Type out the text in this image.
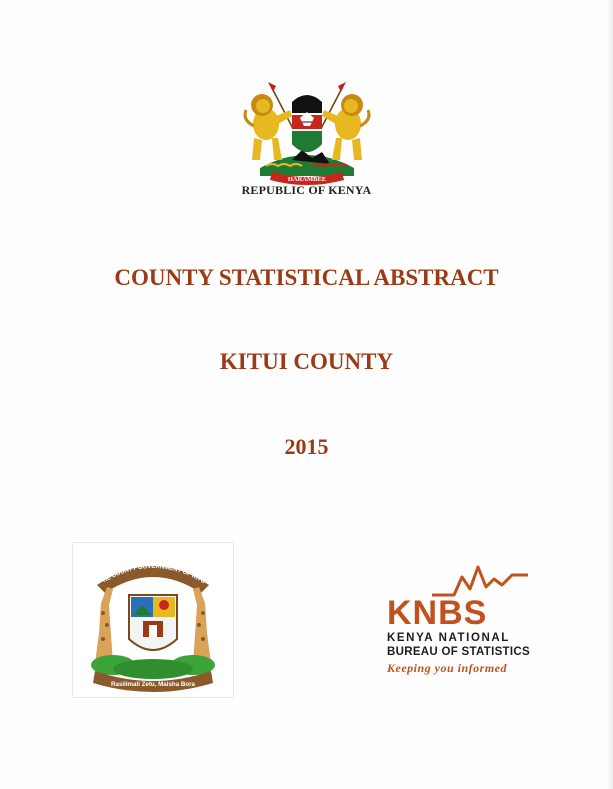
HARAMBEE
REPUBLIC OF KENYA
COUNTY STATISTICAL ABSTRACT
KITUI COUNTY
2015
HE COUNTY GOVERNMENT OF KITU
Rasilimali Zetu, Maisha Bora
KNBS
KENYA NATIONAL
BUREAU OF STATISTICS
Keeping you informed
